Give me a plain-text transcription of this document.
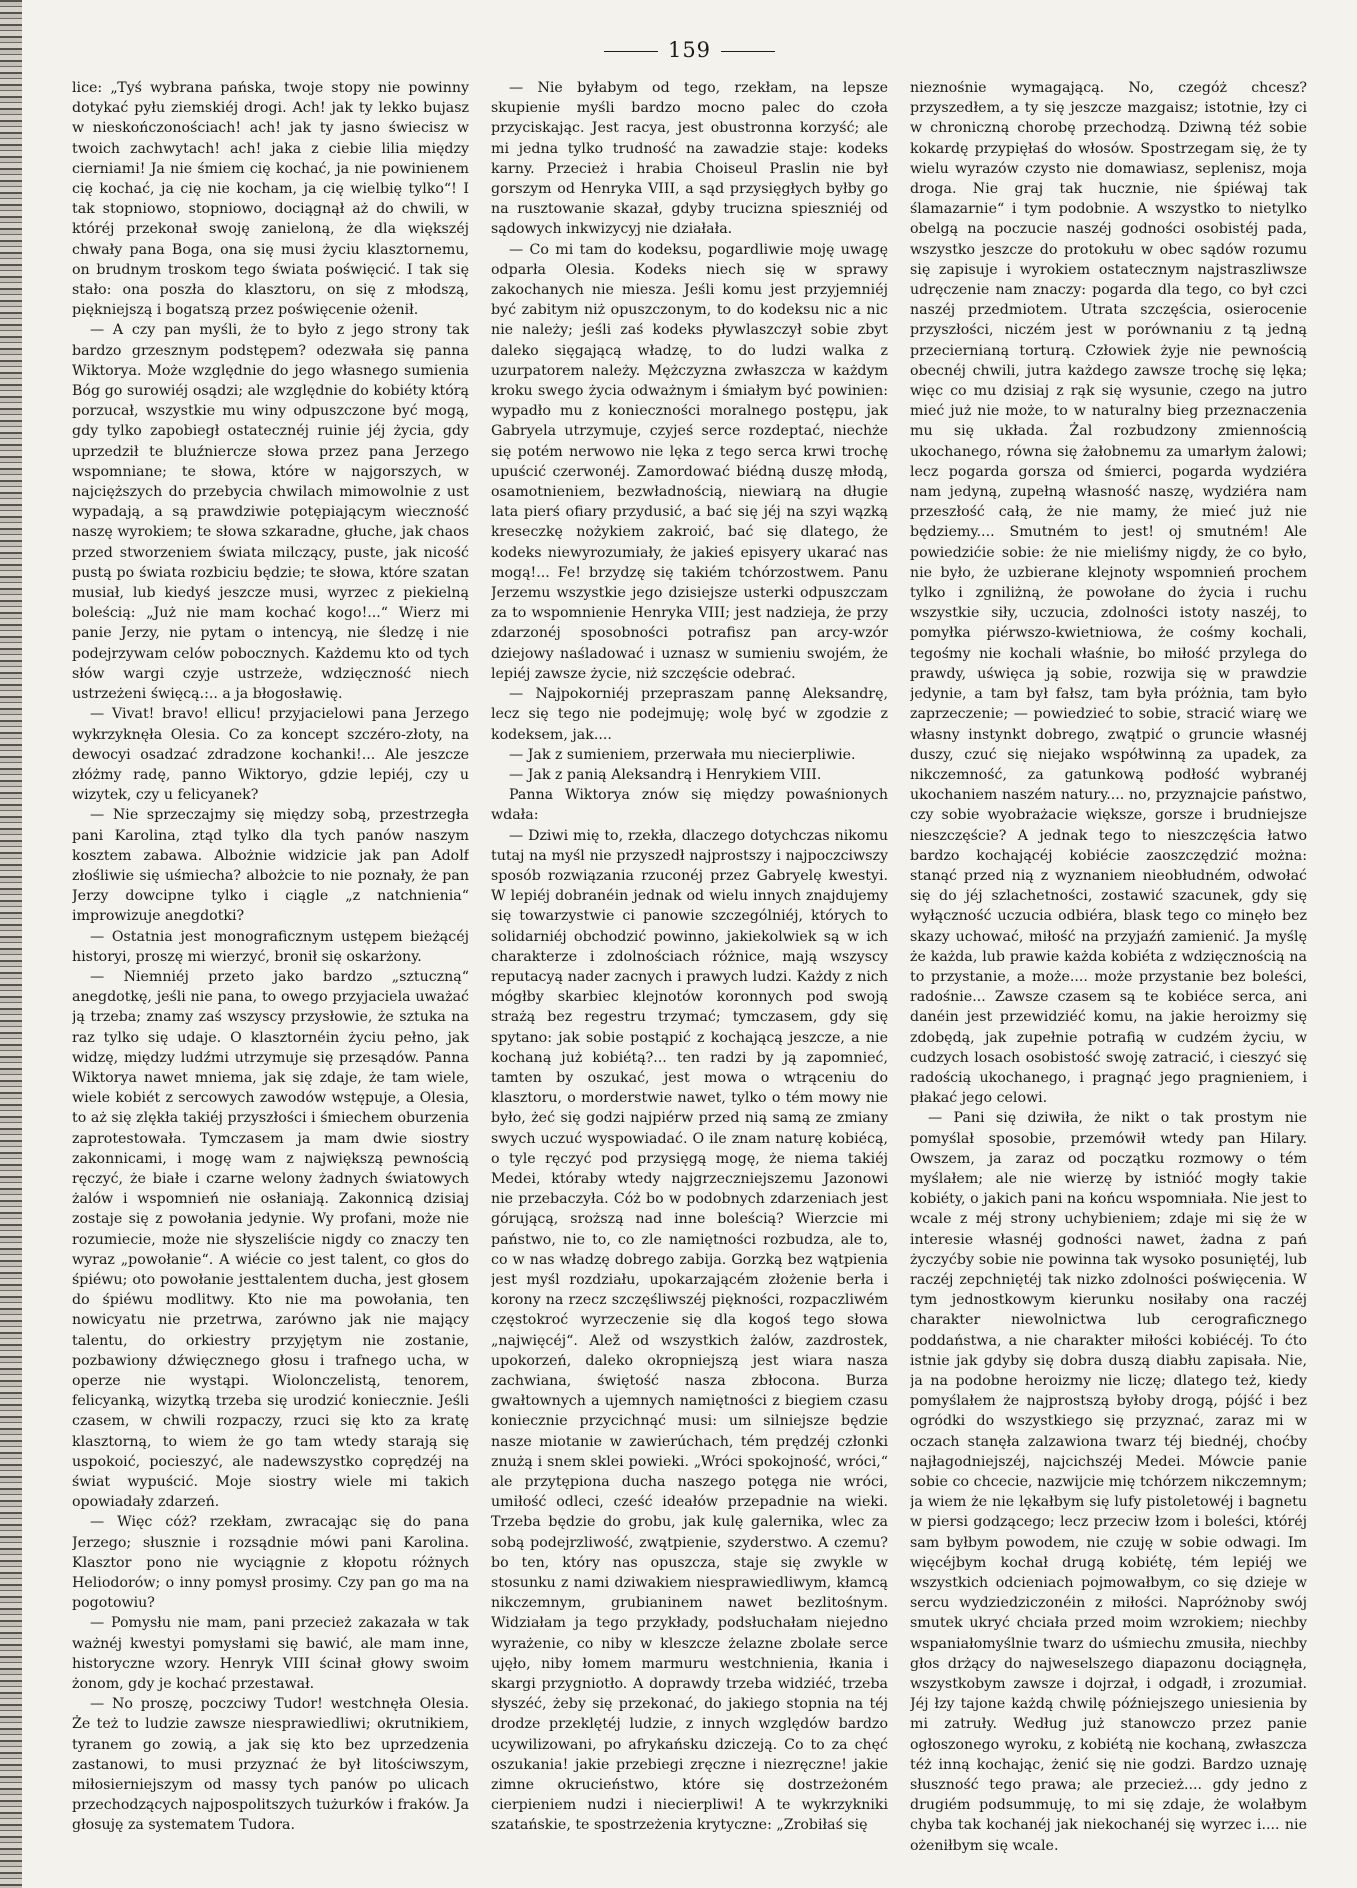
159

lice: „Tyś wybrana pańska, twoje stopy nie powinny dotykać pyłu ziemskiéj drogi. Ach! jak ty lekko bujasz w nieskończonościach! ach! jak ty jasno świecisz w twoich zachwytach! ach! jaka z ciebie lilia między cierniami! Ja nie śmiem cię kochać, ja nie powinienem cię kochać, ja cię nie kocham, ja cię wielbię tylko“! I tak stopniowo, stopniowo, dociągnął aż do chwili, w któréj przekonał swoję zanieloną, że dla większéj chwały pana Boga, ona się musi życiu klasztornemu, on brudnym troskom tego świata poświęcić. I tak się stało: ona poszła do klasztoru, on się z młodszą, piękniejszą i bogatszą przez poświęcenie ożenił.

— A czy pan myśli, że to było z jego strony tak bardzo grzesznym podstępem? odezwała się panna Wiktorya. Może względnie do jego własnego sumienia Bóg go surowiéj osądzi; ale względnie do kobiéty którą porzucał, wszystkie mu winy odpuszczone być mogą, gdy tylko zapobiegł ostatecznéj ruinie jéj życia, gdy uprzedził te bluźniercze słowa przez pana Jerzego wspomniane; te słowa, które w najgorszych, w najcięższych do przebycia chwilach mimowolnie z ust wypadają, a są prawdziwie potępiającym wieczność naszę wyrokiem; te słowa szkaradne, głuche, jak chaos przed stworzeniem świata milczący, puste, jak nicość pustą po świata rozbiciu będzie; te słowa, które szatan musiał, lub kiedyś jeszcze musi, wyrzec z piekielną boleścią: „Już nie mam kochać kogo!...“ Wierz mi panie Jerzy, nie pytam o intencyą, nie śledzę i nie podejrzywam celów pobocznych. Każdemu kto od tych słów wargi czyje ustrzeże, wdzięczność niech ustrzeżeni święcą.:.. a ja błogosławię.

— Vivat! bravo! ellicu! przyjacielowi pana Jerzego wykrzyknęła Olesia. Co za koncept szczéro-złoty, na dewocyi osadzać zdradzone kochanki!... Ale jeszcze złóżmy radę, panno Wiktoryo, gdzie lepiéj, czy u wizytek, czy u felicyanek?

— Nie sprzeczajmy się między sobą, przestrzegła pani Karolina, ztąd tylko dla tych panów naszym kosztem zabawa. Albożnie widzicie jak pan Adolf złośliwie się uśmiecha? albożcie to nie poznały, że pan Jerzy dowcipne tylko i ciągle „z natchnienia“ improwizuje anegdotki?

— Ostatnia jest monograficznym ustępem bieżącéj historyi, proszę mi wierzyć, bronił się oskarżony.

— Niemniéj przeto jako bardzo „sztuczną“ anegdotkę, jeśli nie pana, to owego przyjaciela uważać ją trzeba; znamy zaś wszyscy przysłowie, że sztuka na raz tylko się udaje. O klasztornéin życiu pełno, jak widzę, między ludźmi utrzymuje się przesądów. Panna Wiktorya nawet mniema, jak się zdaje, że tam wiele, wiele kobiét z sercowych zawodów wstępuje, a Olesia, to aż się zlękła takiéj przyszłości i śmiechem oburzenia zaprotestowała. Tymczasem ja mam dwie siostry zakonnicami, i mogę wam z największą pewnością ręczyć, że białe i czarne welony żadnych światowych żalów i wspomnień nie osłaniają. Zakonnicą dzisiaj zostaje się z powołania jedynie. Wy profani, może nie rozumiecie, może nie słyszeliście nigdy co znaczy ten wyraz „powołanie“. A wiécie co jest talent, co głos do śpiéwu; oto powołanie jesttalentem ducha, jest głosem do śpiéwu modlitwy. Kto nie ma powołania, ten nowicyatu nie przetrwa, zarówno jak nie mający talentu, do orkiestry przyjętym nie zostanie, pozbawiony dźwięcznego głosu i trafnego ucha, w operze nie wystąpi. Wiolonczelistą, tenorem, felicyanką, wizytką trzeba się urodzić koniecznie. Jeśli czasem, w chwili rozpaczy, rzuci się kto za kratę klasztorną, to wiem że go tam wtedy starają się uspokoić, pocieszyć, ale nadewszystko coprędzéj na świat wypuścić. Moje siostry wiele mi takich opowiadały zdarzeń.

— Więc cóż? rzekłam, zwracając się do pana Jerzego; słusznie i rozsądnie mówi pani Karolina. Klasztor pono nie wyciągnie z kłopotu różnych Heliodorów; o inny pomysł prosimy. Czy pan go ma na pogotowiu?

— Pomysłu nie mam, pani przecież zakazała w tak ważnéj kwestyi pomysłami się bawić, ale mam inne, historyczne wzory. Henryk VIII ścinał głowy swoim żonom, gdy je kochać przestawał.

— No proszę, poczciwy Tudor! westchnęła Olesia. Że też to ludzie zawsze niesprawiedliwi; okrutnikiem, tyranem go zowią, a jak się kto bez uprzedzenia zastanowi, to musi przyznać że był litościwszym, miłosierniejszym od massy tych panów po ulicach przechodzących najpospolitszych tużurków i fraków. Ja głosuję za systematem Tudora.

— Nie byłabym od tego, rzekłam, na lepsze skupienie myśli bardzo mocno palec do czoła przyciskając. Jest racya, jest obustronna korzyść; ale mi jedna tylko trudność na zawadzie staje: kodeks karny. Przecież i hrabia Choiseul Praslin nie był gorszym od Henryka VIII, a sąd przysięgłych byłby go na rusztowanie skazał, gdyby trucizna spieszniéj od sądowych inkwizycyj nie działała.

— Co mi tam do kodeksu, pogardliwie moję uwagę odparła Olesia. Kodeks niech się w sprawy zakochanych nie miesza. Jeśli komu jest przyjemniéj być zabitym niż opuszczonym, to do kodeksu nic a nic nie należy; jeśli zaś kodeks pływlaszczył sobie zbyt daleko sięgającą władzę, to do ludzi walka z uzurpatorem należy. Mężczyzna zwłaszcza w każdym kroku swego życia odważnym i śmiałym być powinien: wypadło mu z konieczności moralnego postępu, jak Gabryela utrzymuje, czyjeś serce rozdeptać, niechże się potém nerwowo nie lęka z tego serca krwi trochę upuścić czerwonéj. Zamordować biédną duszę młodą, osamotnieniem, bezwładnością, niewiarą na długie lata pierś ofiary przydusić, a bać się jéj na szyi wązką kreseczkę nożykiem zakroić, bać się dlatego, że kodeks niewyrozumiały, że jakieś episyery ukarać nas mogą!... Fe! brzydzę się takiém tchórzostwem. Panu Jerzemu wszystkie jego dzisiejsze usterki odpuszczam za to wspomnienie Henryka VIII; jest nadzieja, że przy zdarzonéj sposobności potrafisz pan arcy-wzór dziejowy naśladować i uznasz w sumieniu swojém, że lepiéj zawsze życie, niż szczęście odebrać.

— Najpokorniéj przepraszam pannę Aleksandrę, lecz się tego nie podejmuję; wolę być w zgodzie z kodeksem, jak....

— Jak z sumieniem, przerwała mu niecierpliwie.

— Jak z panią Aleksandrą i Henrykiem VIII.

Panna Wiktorya znów się między powaśnionych wdała:

— Dziwi mię to, rzekła, dlaczego dotychczas nikomu tutaj na myśl nie przyszedł najprostszy i najpoczciwszy sposób rozwiązania rzuconéj przez Gabryelę kwestyi. W lepiéj dobranéin jednak od wielu innych znajdujemy się towarzystwie ci panowie szczególniéj, których to solidarniéj obchodzić powinno, jakiekolwiek są w ich charakterze i zdolnościach różnice, mają wszyscy reputacyą nader zacnych i prawych ludzi. Każdy z nich mógłby skarbiec klejnotów koronnych pod swoją strażą bez regestru trzymać; tymczasem, gdy się spytano: jak sobie postąpić z kochającą jeszcze, a nie kochaną już kobiétą?... ten radzi by ją zapomnieć, tamten by oszukać, jest mowa o wtrąceniu do klasztoru, o morderstwie nawet, tylko o tém mowy nie było, żeć się godzi najpiérw przed nią samą ze zmiany swych uczuć wyspowiadać. O ile znam naturę kobiécą, o tyle ręczyć pod przysięgą mogę, że niema takiéj Medei, któraby wtedy najgrzeczniejszemu Jazonowi nie przebaczyła. Cóż bo w podobnych zdarzeniach jest górującą, sroższą nad inne boleścią? Wierzcie mi państwo, nie to, co zle namiętności rozbudza, ale to, co w nas władzę dobrego zabija. Gorzką bez wątpienia jest myśl rozdziału, upokarzającém złożenie berła i korony na rzecz szczęśliwszéj piękności, rozpaczliwém częstokroć wyrzeczenie się dla kogoś tego słowa „najwięcéj“. Alež od wszystkich żalów, zazdrostek, upokorzeń, daleko okropniejszą jest wiara nasza zachwiana, świętość nasza zbłocona. Burza gwałtownych a ujemnych namiętności z biegiem czasu koniecznie przycichnąć musi: um silniejsze będzie nasze miotanie w zawierúchach, tém prędzéj członki znużą i snem sklei powieki. „Wróci spokojność, wróci,“ ale przytępiona ducha naszego potęga nie wróci, umiłość odleci, cześć ideałów przepadnie na wieki. Trzeba będzie do grobu, jak kulę galernika, wlec za sobą podejrzliwość, zwątpienie, szyderstwo. A czemu? bo ten, który nas opuszcza, staje się zwykle w stosunku z nami dziwakiem niesprawiedliwym, kłamcą nikczemnym, grubianinem nawet bezlitośnym. Widziałam ja tego przykłady, podsłuchałam niejedno wyrażenie, co niby w kleszcze żelazne zbolałe serce ujęło, niby łomem marmuru westchnienia, łkania i skargi przygniotło. A doprawdy trzeba widziéć, trzeba słyszéć, żeby się przekonać, do jakiego stopnia na téj drodze przeklętéj ludzie, z innych względów bardzo ucywilizowani, po afrykańsku dziczeją. Co to za chęć oszukania! jakie przebiegi zręczne i niezręczne! jakie zimne okrucieństwo, które się dostrzeżoném cierpieniem nudzi i niecierpliwi! A te wykrzykniki szatańskie, te spostrzeżenia krytyczne: „Zrobiłaś się

nieznośnie wymagającą. No, czegóż chcesz? przyszedłem, a ty się jeszcze mazgaisz; istotnie, łzy ci w chroniczną chorobę przechodzą. Dziwną téż sobie kokardę przypięłaś do włosów. Spostrzegam się, że ty wielu wyrazów czysto nie domawiasz, seplenisz, moja droga. Nie graj tak hucznie, nie śpiéwaj tak ślamazarnie“ i tym podobnie. A wszystko to nietylko obelgą na poczucie naszéj godności osobistéj pada, wszystko jeszcze do protokułu w obec sądów rozumu się zapisuje i wyrokiem ostatecznym najstraszliwsze udręczenie nam znaczy: pogarda dla tego, co był czci naszéj przedmiotem. Utrata szczęścia, osierocenie przyszłości, niczém jest w porównaniu z tą jedną przeciernianą torturą. Człowiek żyje nie pewnością obecnéj chwili, jutra każdego zawsze trochę się lęka; więc co mu dzisiaj z rąk się wysunie, czego na jutro mieć już nie może, to w naturalny bieg przeznaczenia mu się układa. Żal rozbudzony zmiennością ukochanego, równa się żałobnemu za umarłym żalowi; lecz pogarda gorsza od śmierci, pogarda wydziéra nam jedyną, zupełną własność naszę, wydziéra nam przeszłość całą, że nie mamy, że mieć już nie będziemy.... Smutném to jest! oj smutném! Ale powiedzićie sobie: że nie mieliśmy nigdy, że co było, nie było, że uzbierane klejnoty wspomnień prochem tylko i zgniliżną, że powołane do życia i ruchu wszystkie siły, uczucia, zdolności istoty naszéj, to pomyłka piérwszo-kwietniowa, że cośmy kochali, tegośmy nie kochali właśnie, bo miłość przylega do prawdy, uświęca ją sobie, rozwija się w prawdzie jedynie, a tam był fałsz, tam była próżnia, tam było zaprzeczenie; — powiedzieć to sobie, stracić wiarę we własny instynkt dobrego, zwątpić o gruncie własnéj duszy, czuć się niejako współwinną za upadek, za nikczemność, za gatunkową podłość wybranéj ukochaniem naszém natury.... no, przyznajcie państwo, czy sobie wyobrażacie większe, gorsze i brudniejsze nieszczęście? A jednak tego to nieszczęścia łatwo bardzo kochającéj kobiécie zaoszczędzić można: stanąć przed nią z wyznaniem nieobłudném, odwołać się do jéj szlachetności, zostawić szacunek, gdy się wyłączność uczucia odbiéra, blask tego co minęło bez skazy uchować, miłość na przyjaźń zamienić. Ja myślę że każda, lub prawie każda kobiéta z wdzięcznością na to przystanie, a może.... może przystanie bez boleści, radośnie... Zawsze czasem są te kobiéce serca, ani danéin jest przewidziéć komu, na jakie heroizmy się zdobędą, jak zupełnie potrafią w cudzém życiu, w cudzych losach osobistość swoję zatracić, i cieszyć się radością ukochanego, i pragnąć jego pragnieniem, i płakać jego celowi.

— Pani się dziwiła, że nikt o tak prostym nie pomyślał sposobie, przemówił wtedy pan Hilary. Owszem, ja zaraz od początku rozmowy o tém myślałem; ale nie wierzę by istnióć mogły takie kobiéty, o jakich pani na końcu wspomniała. Nie jest to wcale z méj strony uchybieniem; zdaje mi się że w interesie własnéj godności nawet, żadna z pań życzyćby sobie nie powinna tak wysoko posuniętéj, lub raczéj zepchniętéj tak nizko zdolności poświęcenia. W tym jednostkowym kierunku nosiłaby ona raczéj charakter niewolnictwa lub cerograficznego poddaństwa, a nie charakter miłości kobiécéj. To ćto istnie jak gdyby się dobra duszą diabłu zapisała. Nie, ja na podobne heroizmy nie liczę; dlatego też, kiedy pomyślałem że najprostszą byłoby drogą, pójść i bez ogródki do wszystkiego się przyznać, zaraz mi w oczach stanęła zalzawiona twarz téj biednéj, choćby najłagodniejszéj, najcichszéj Medei. Mówcie panie sobie co chcecie, nazwijcie mię tchórzem nikczemnym; ja wiem że nie lękałbym się lufy pistoletowéj i bagnetu w piersi godzącego; lecz przeciw łzom i boleści, któréj sam byłbym powodem, nie czuję w sobie odwagi. Im więcéjbym kochał drugą kobiétę, tém lepiéj we wszystkich odcieniach pojmowałbym, co się dzieje w sercu wydziedziczonéin z miłości. Napróżnoby swój smutek ukryć chciała przed moim wzrokiem; niechby wspaniałomyślnie twarz do uśmiechu zmusiła, niechby głos drżący do najweselszego diapazonu dociągnęła, wszystkobym zawsze i dojrzał, i odgadł, i zrozumiał. Jéj łzy tajone każdą chwilę późniejszego uniesienia by mi zatruły. Według już stanowczo przez panie ogłoszonego wyroku, z kobiétą nie kochaną, zwłaszcza téż inną kochając, żenić się nie godzi. Bardzo uznaję słuszność tego prawa; ale przecież.... gdy jedno z drugiém podsummuję, to mi się zdaje, że wolałbym chyba tak kochanéj jak niekochanéj się wyrzec i.... nie ożeniłbym się wcale.
